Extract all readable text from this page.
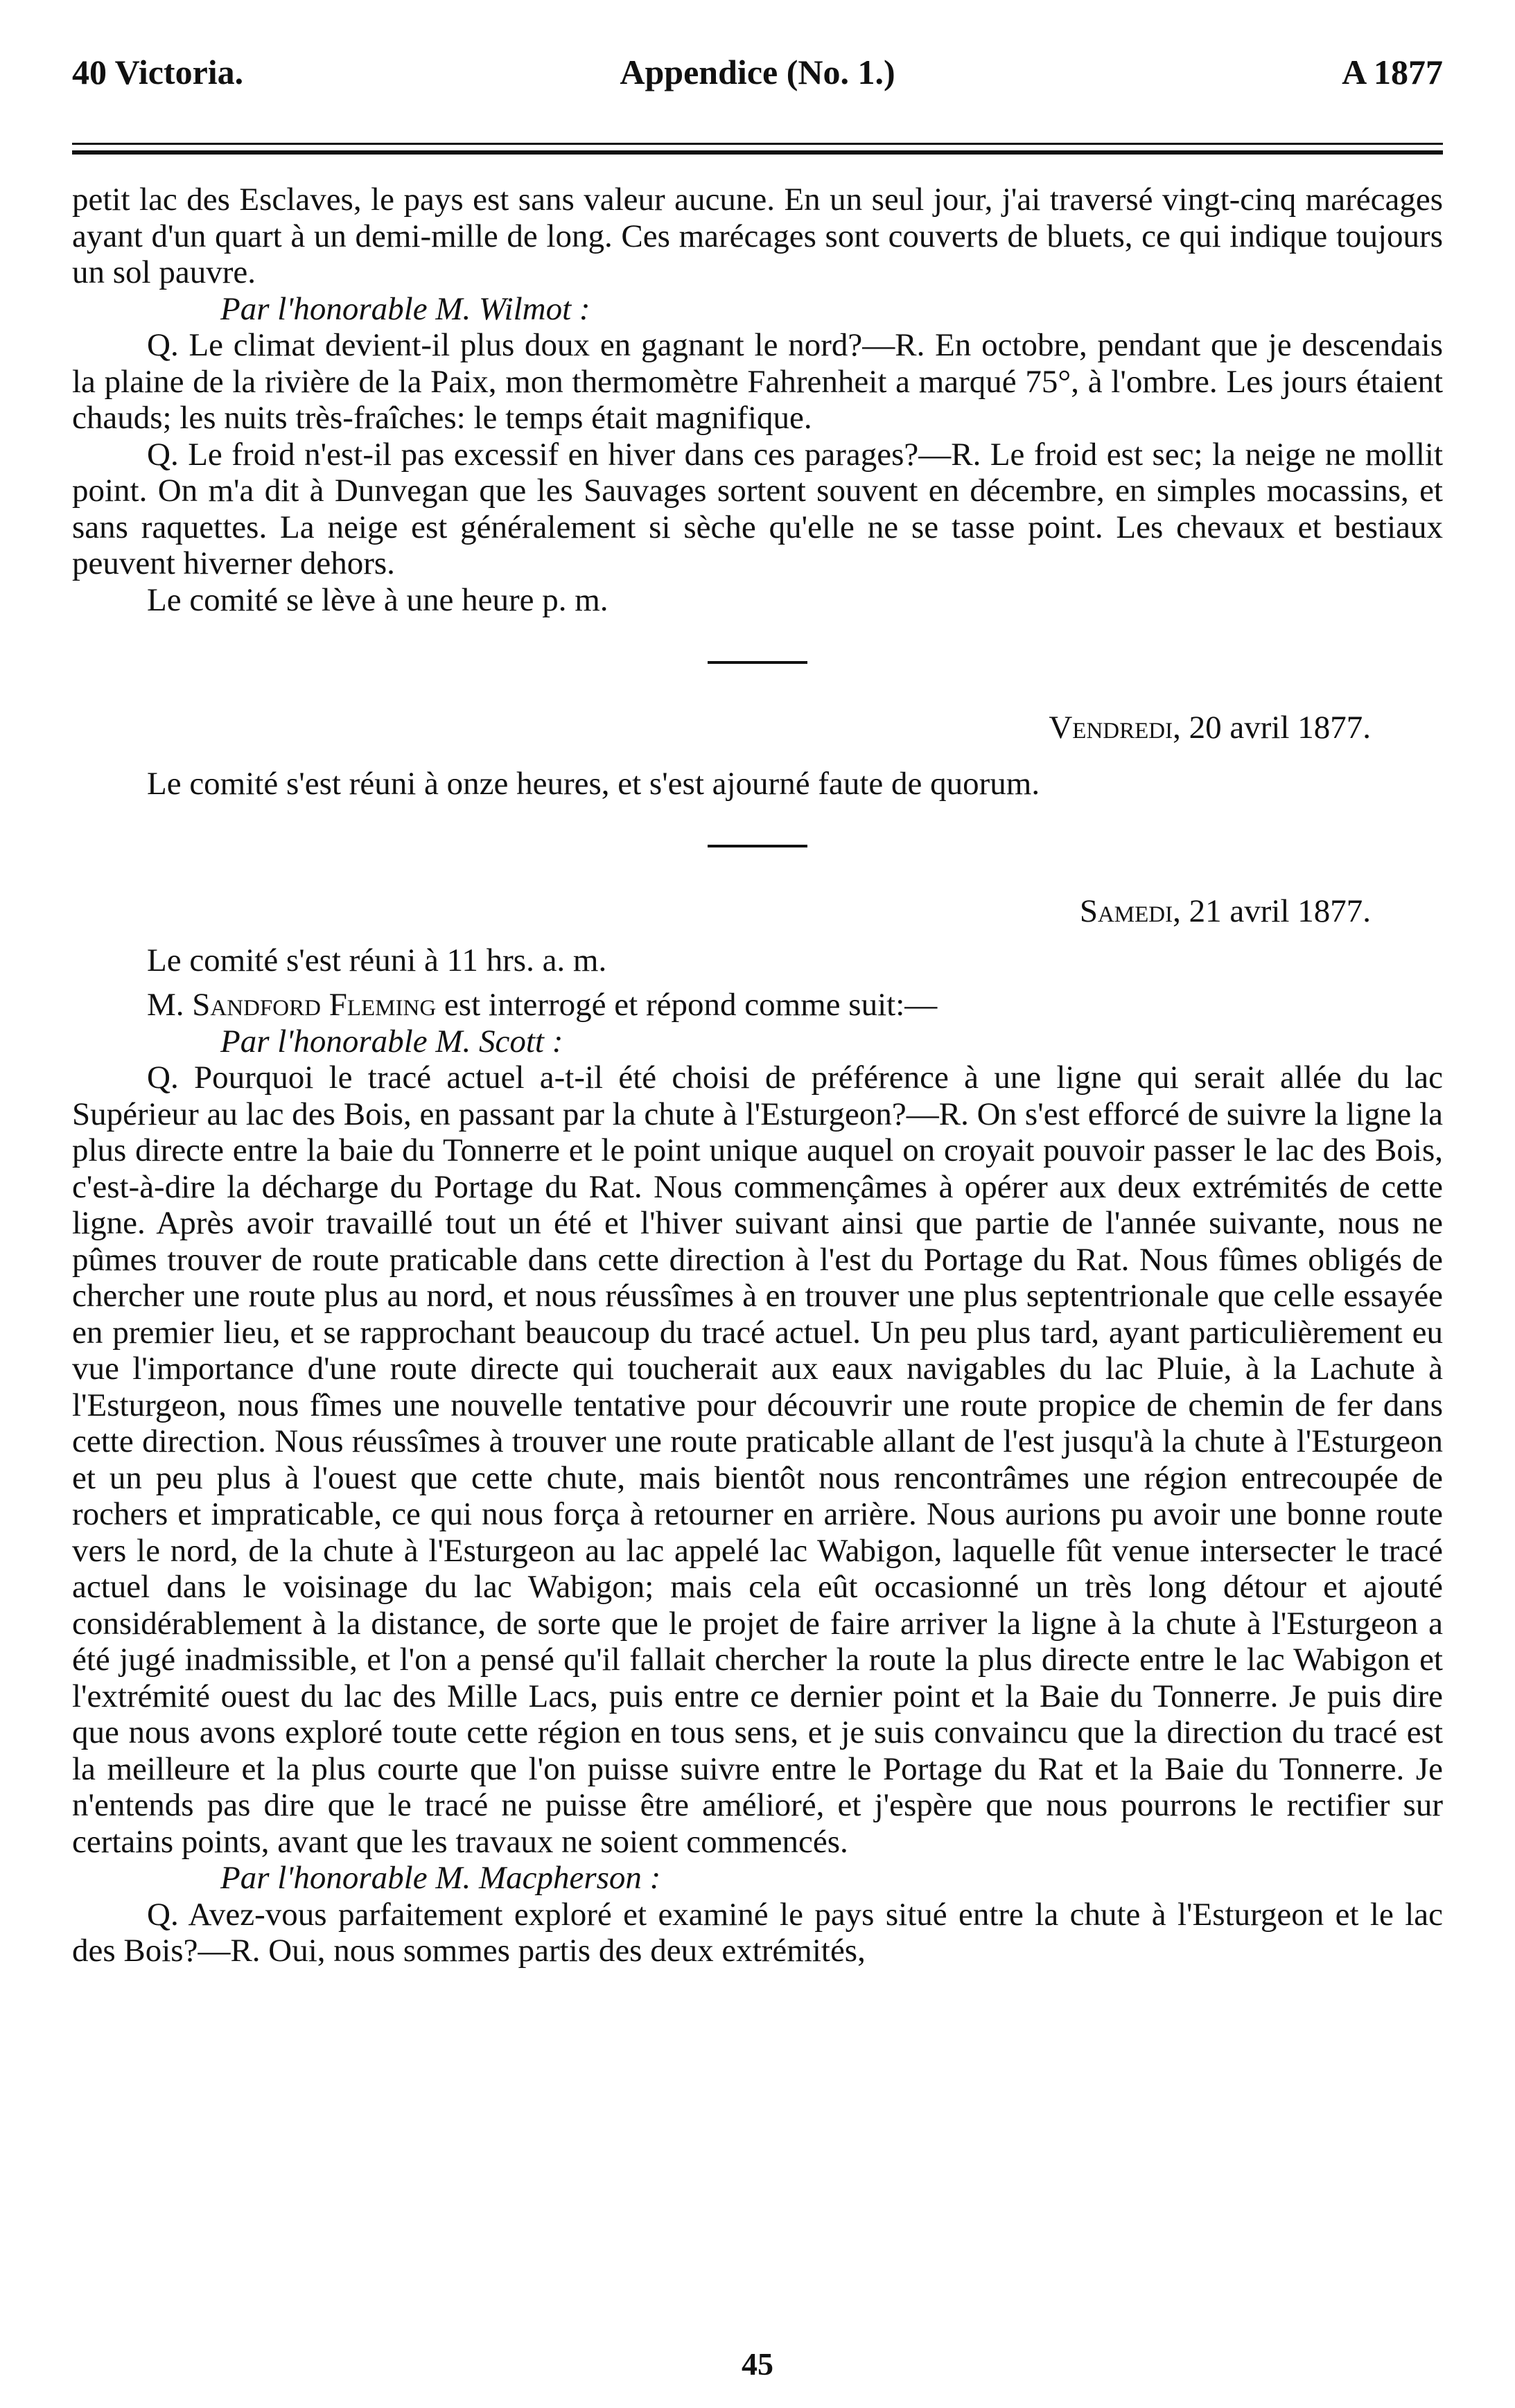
40 Victoria.	Appendice (No. 1.)	A 1877

petit lac des Esclaves, le pays est sans valeur aucune. En un seul jour, j'ai traversé vingt-cinq marécages ayant d'un quart à un demi-mille de long. Ces marécages sont couverts de bluets, ce qui indique toujours un sol pauvre.

Par l'honorable M. Wilmot :

Q. Le climat devient-il plus doux en gagnant le nord?—R. En octobre, pendant que je descendais la plaine de la rivière de la Paix, mon thermomètre Fahrenheit a marqué 75°, à l'ombre. Les jours étaient chauds; les nuits très-fraîches: le temps était magnifique.

Q. Le froid n'est-il pas excessif en hiver dans ces parages?—R. Le froid est sec; la neige ne mollit point. On m'a dit à Dunvegan que les Sauvages sortent souvent en décembre, en simples mocassins, et sans raquettes. La neige est généralement si sèche qu'elle ne se tasse point. Les chevaux et bestiaux peuvent hiverner dehors.

Le comité se lève à une heure p. m.

Vendredi, 20 avril 1877.

Le comité s'est réuni à onze heures, et s'est ajourné faute de quorum.

Samedi, 21 avril 1877.

Le comité s'est réuni à 11 hrs. a. m.

M. Sandford Fleming est interrogé et répond comme suit:—

Par l'honorable M. Scott :

Q. Pourquoi le tracé actuel a-t-il été choisi de préférence à une ligne qui serait allée du lac Supérieur au lac des Bois, en passant par la chute à l'Esturgeon?—R. On s'est efforcé de suivre la ligne la plus directe entre la baie du Tonnerre et le point unique auquel on croyait pouvoir passer le lac des Bois, c'est-à-dire la décharge du Portage du Rat. Nous commençâmes à opérer aux deux extrémités de cette ligne. Après avoir travaillé tout un été et l'hiver suivant ainsi que partie de l'année suivante, nous ne pûmes trouver de route praticable dans cette direction à l'est du Portage du Rat. Nous fûmes obligés de chercher une route plus au nord, et nous réussîmes à en trouver une plus septentrionale que celle essayée en premier lieu, et se rapprochant beaucoup du tracé actuel. Un peu plus tard, ayant particulièrement eu vue l'importance d'une route directe qui toucherait aux eaux navigables du lac Pluie, à la Lachute à l'Esturgeon, nous fîmes une nouvelle tentative pour découvrir une route propice de chemin de fer dans cette direction. Nous réussîmes à trouver une route praticable allant de l'est jusqu'à la chute à l'Esturgeon et un peu plus à l'ouest que cette chute, mais bientôt nous rencontrâmes une région entrecoupée de rochers et impraticable, ce qui nous força à retourner en arrière. Nous aurions pu avoir une bonne route vers le nord, de la chute à l'Esturgeon au lac appelé lac Wabigon, laquelle fût venue intersecter le tracé actuel dans le voisinage du lac Wabigon; mais cela eût occasionné un très long détour et ajouté considérablement à la distance, de sorte que le projet de faire arriver la ligne à la chute à l'Esturgeon a été jugé inadmissible, et l'on a pensé qu'il fallait chercher la route la plus directe entre le lac Wabigon et l'extrémité ouest du lac des Mille Lacs, puis entre ce dernier point et la Baie du Tonnerre. Je puis dire que nous avons exploré toute cette région en tous sens, et je suis convaincu que la direction du tracé est la meilleure et la plus courte que l'on puisse suivre entre le Portage du Rat et la Baie du Tonnerre. Je n'entends pas dire que le tracé ne puisse être amélioré, et j'espère que nous pourrons le rectifier sur certains points, avant que les travaux ne soient commencés.

Par l'honorable M. Macpherson :

Q. Avez-vous parfaitement exploré et examiné le pays situé entre la chute à l'Esturgeon et le lac des Bois?—R. Oui, nous sommes partis des deux extrémités,

45
